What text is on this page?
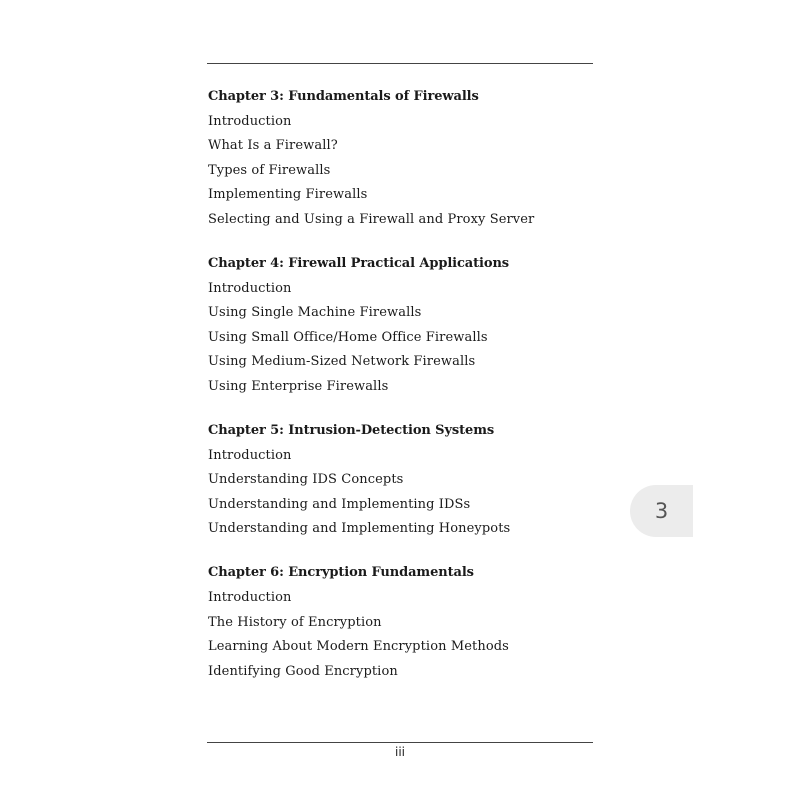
Chapter 3: Fundamentals of Firewalls
Introduction
What Is a Firewall?
Types of Firewalls
Implementing Firewalls
Selecting and Using a Firewall and Proxy Server
Chapter 4: Firewall Practical Applications
Introduction
Using Single Machine Firewalls
Using Small Office/Home Office Firewalls
Using Medium-Sized Network Firewalls
Using Enterprise Firewalls
Chapter 5: Intrusion-Detection Systems
Introduction
Understanding IDS Concepts
Understanding and Implementing IDSs
Understanding and Implementing Honeypots
Chapter 6: Encryption Fundamentals
Introduction
The History of Encryption
Learning About Modern Encryption Methods
Identifying Good Encryption
iii
3
